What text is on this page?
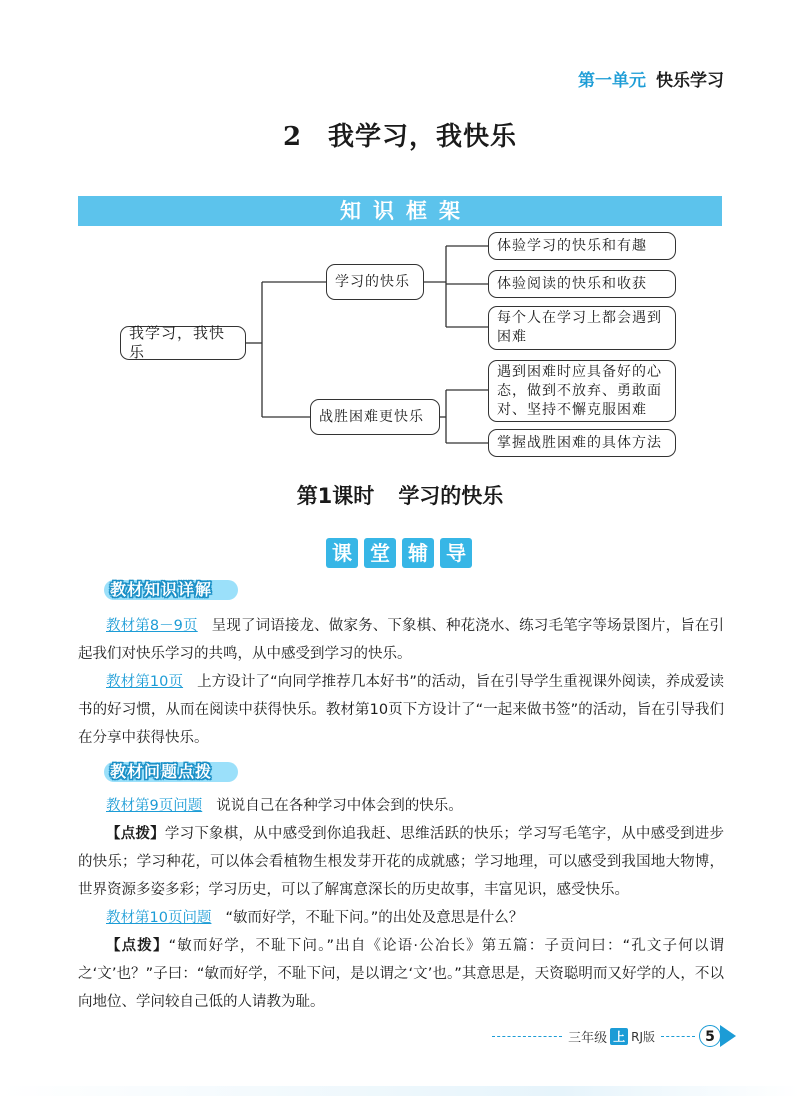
第一单元 快乐学习
2 我学习，我快乐
知识框架
我学习，我快乐
学习的快乐
战胜困难更快乐
体验学习的快乐和有趣
体验阅读的快乐和收获
每个人在学习上都会遇到困难
遇到困难时应具备好的心态，做到不放弃、勇敢面对、坚持不懈克服困难
掌握战胜困难的具体方法
第1课时 学习的快乐
课 堂 辅 导
教材知识详解
教材第8－9页 呈现了词语接龙、做家务、下象棋、种花浇水、练习毛笔字等场景图片，旨在引起我们对快乐学习的共鸣，从中感受到学习的快乐。
教材第10页 上方设计了“向同学推荐几本好书”的活动，旨在引导学生重视课外阅读，养成爱读书的好习惯，从而在阅读中获得快乐。教材第10页下方设计了“一起来做书签”的活动，旨在引导我们在分享中获得快乐。
教材问题点拨
教材第9页问题 说说自己在各种学习中体会到的快乐。
【点拨】学习下象棋，从中感受到你追我赶、思维活跃的快乐；学习写毛笔字，从中感受到进步的快乐；学习种花，可以体会看植物生根发芽开花的成就感；学习地理，可以感受到我国地大物博，世界资源多姿多彩；学习历史，可以了解寓意深长的历史故事，丰富见识，感受快乐。
教材第10页问题 “敏而好学，不耻下问。”的出处及意思是什么？
【点拨】“敏而好学，不耻下问。”出自《论语·公冶长》第五篇：子贡问曰：“孔文子何以谓之‘文’也？”子曰：“敏而好学，不耻下问，是以谓之‘文’也。”其意思是，天资聪明而又好学的人，不以向地位、学问较自己低的人请教为耻。
三年级 上 RJ版	5
